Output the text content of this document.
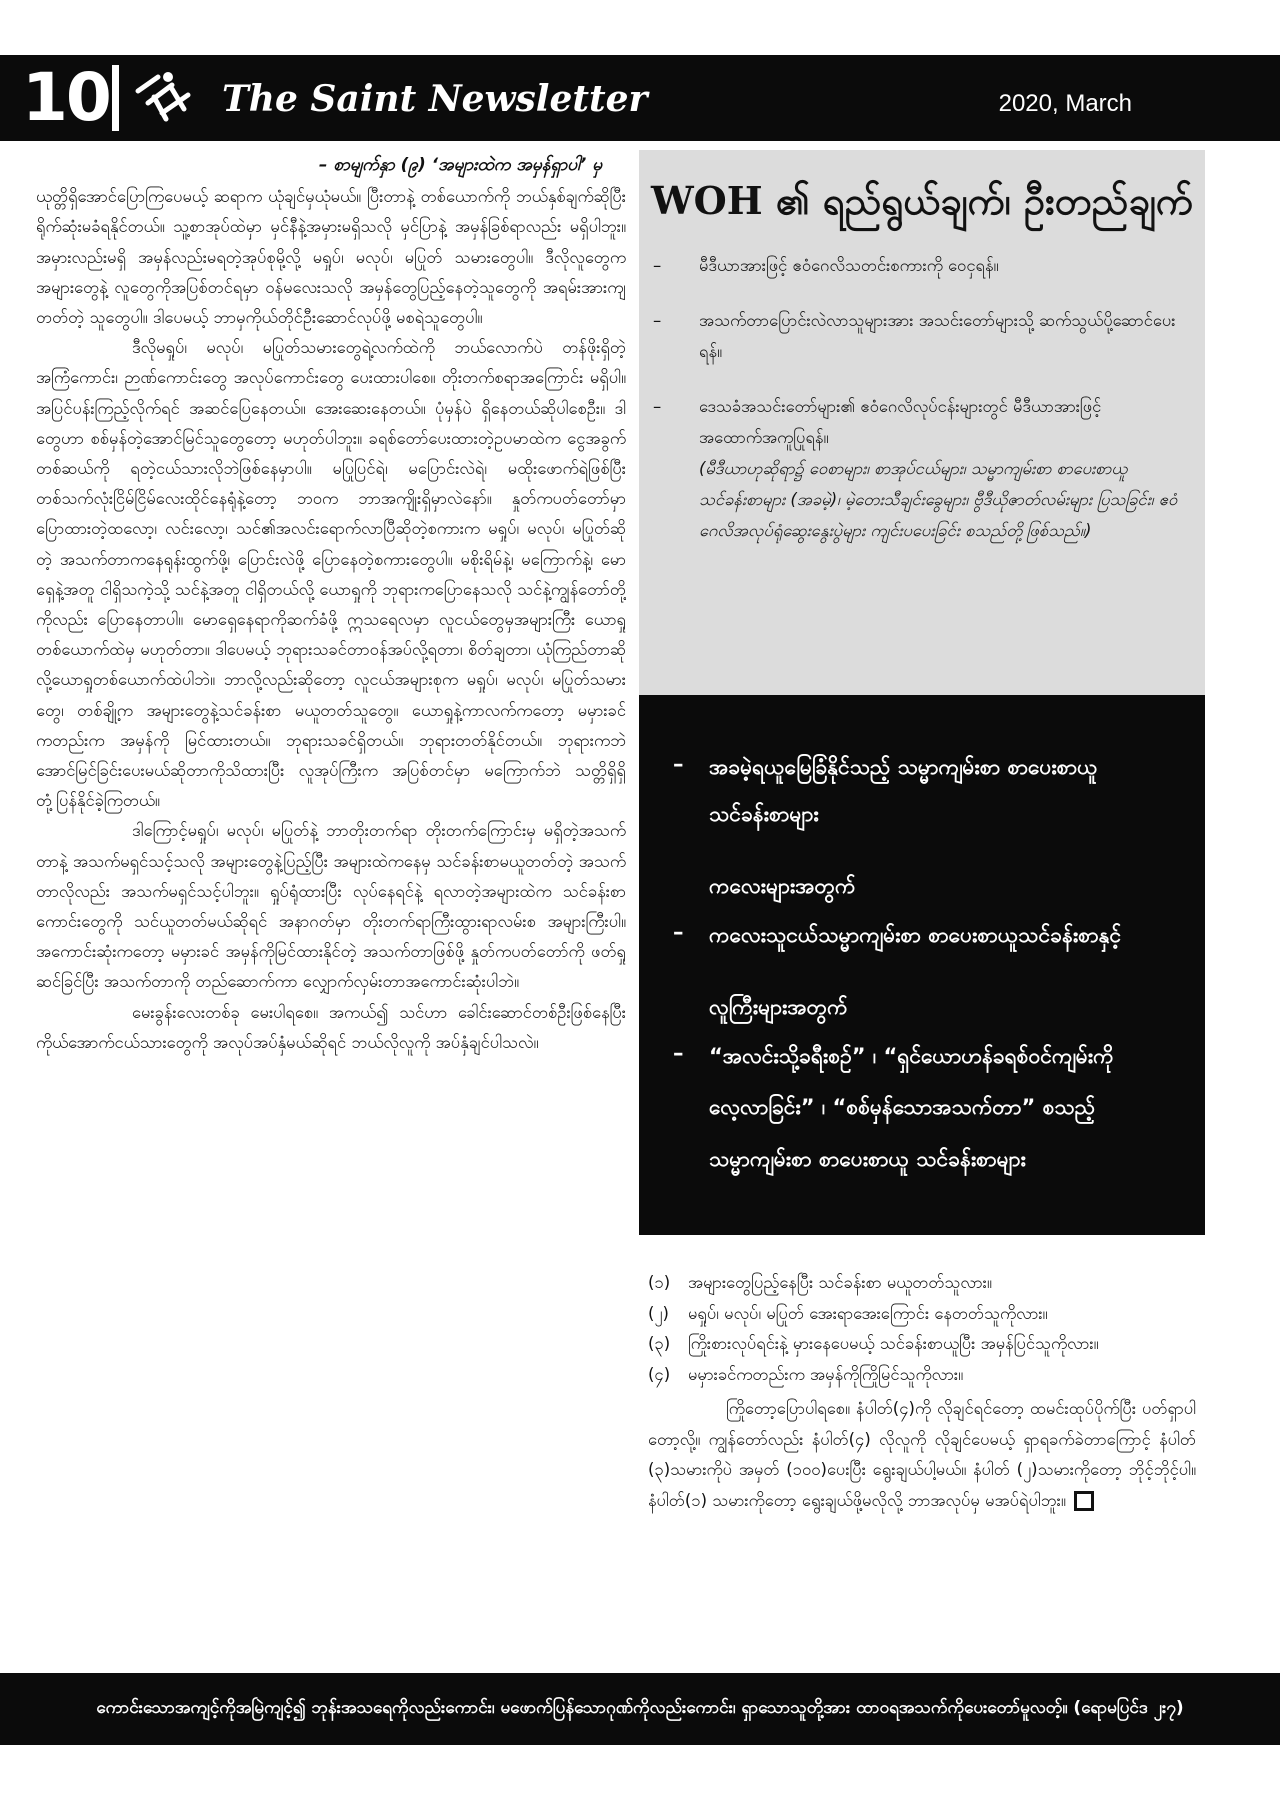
10	The Saint Newsletter	2020, March
– စာမျက်နှာ (၉) ‘အများထဲက အမှန်ရှာပါ’ မှ

ယုတ္တိရှိအောင်ပြောကြပေမယ့် ဆရာက ယုံချင်မှယုံမယ်။ ပြီးတာနဲ့ တစ်ယောက်ကို ဘယ်နှစ်ချက်ဆိုပြီး ရိုက်ဆုံးမခံရနိုင်တယ်။ သူ့စာအုပ်ထဲမှာ မှင်နီနဲ့အမှားမရှိသလို မှင်ပြာနဲ့ အမှန်ခြစ်ရာလည်း မရှိပါဘူး။ အမှားလည်းမရှိ အမှန်လည်းမရတဲ့အုပ်စုမို့လို့ မရှုပ်၊ မလုပ်၊ မပြုတ် သမားတွေပါ။ ဒီလိုလူတွေက အများတွေနဲ့ လူတွေကိုအပြစ်တင်ရမှာ ဝန်မလေးသလို အမှန်တွေပြည့်နေတဲ့သူတွေကို အရမ်းအားကျတတ်တဲ့ သူတွေပါ။ ဒါပေမယ့် ဘာမှကိုယ်တိုင်ဦးဆောင်လုပ်ဖို့ မစရဲသူတွေပါ။

ဒီလိုမရှုပ်၊ မလုပ်၊ မပြုတ်သမားတွေရဲ့လက်ထဲကို ဘယ်လောက်ပဲ တန်ဖိုးရှိတဲ့အကြံကောင်း၊ ဉာဏ်ကောင်းတွေ အလုပ်ကောင်းတွေ ပေးထားပါစေ။ တိုးတက်စရာအကြောင်း မရှိပါ။ အပြင်ပန်းကြည့်လိုက်ရင် အဆင်ပြေနေတယ်။ အေးဆေးနေတယ်။ ပုံမှန်ပဲ ရှိနေတယ်ဆိုပါစေဦး။ ဒါတွေဟာ စစ်မှန်တဲ့အောင်မြင်သူတွေတော့ မဟုတ်ပါဘူး။ ခရစ်တော်ပေးထားတဲ့ဥပမာထဲက ငွေအခွက်တစ်ဆယ်ကို ရတဲ့ငယ်သားလိုဘဲဖြစ်နေမှာပါ။ မပြုပြင်ရဲ၊ မပြောင်းလဲရဲ၊ မထိုးဖောက်ရဲဖြစ်ပြီး တစ်သက်လုံးငြိမ်ငြိမ်လေးထိုင်နေရုံနဲ့တော့ ဘဝက ဘာအကျိုးရှိမှာလဲနော်။ နှုတ်ကပတ်တော်မှာပြောထားတဲ့ထလော့၊ လင်းလော့၊ သင်၏အလင်းရောက်လာပြီဆိုတဲ့စကားက မရှုပ်၊ မလုပ်၊ မပြုတ်ဆိုတဲ့ အသက်တာကနေရုန်းထွက်ဖို့၊ ပြောင်းလဲဖို့ ပြောနေတဲ့စကားတွေပါ။ မစိုးရိမ်နဲ့၊ မကြောက်နဲ့၊ မောရှေနဲ့အတူ ငါရှိသကဲ့သို့ သင်နဲ့အတူ ငါရှိတယ်လို့ ယောရှုကို ဘုရားကပြောနေသလို သင်နဲ့ကျွန်တော်တို့ကိုလည်း ပြောနေတာပါ။ မောရှေနေရာကိုဆက်ခံဖို့ ဣသရေလမှာ လူငယ်တွေမှအများကြီး ယောရှုတစ်ယောက်ထဲမှ မဟုတ်တာ။ ဒါပေမယ့် ဘုရားသခင်တာဝန်အပ်လို့ရတာ၊ စိတ်ချတာ၊ ယုံကြည်တာဆိုလို့ယောရှုတစ်ယောက်ထဲပါဘဲ။ ဘာလို့လည်းဆိုတော့ လူငယ်အများစုက မရှုပ်၊ မလုပ်၊ မပြုတ်သမားတွေ၊ တစ်ချို့က အများတွေနဲ့သင်ခန်းစာ မယူတတ်သူတွေ။ ယောရှုနဲ့ကာလက်ကတော့ မမှားခင်ကတည်းက အမှန်ကို မြင်ထားတယ်။ ဘုရားသခင်ရှိတယ်။ ဘုရားတတ်နိုင်တယ်။ ဘုရားကဘဲ အောင်မြင်ခြင်းပေးမယ်ဆိုတာကိုသိထားပြီး လူအုပ်ကြီးက အပြစ်တင်မှာ မကြောက်ဘဲ သတ္တိရှိရှိတုံ့ပြန်နိုင်ခဲ့ကြတယ်။

ဒါကြောင့်မရှုပ်၊ မလုပ်၊ မပြုတ်နဲ့ ဘာတိုးတက်ရာ တိုးတက်ကြောင်းမှ မရှိတဲ့အသက်တာနဲ့ အသက်မရှင်သင့်သလို အများတွေနဲ့ပြည့်ပြီး အများထဲကနေမှ သင်ခန်းစာမယူတတ်တဲ့ အသက်တာလိုလည်း အသက်မရှင်သင့်ပါဘူး။ ရှုပ်ရုံထားပြီး လုပ်နေရင်နဲ့ ရလာတဲ့အများထဲက သင်ခန်းစာကောင်းတွေကို သင်ယူတတ်မယ်ဆိုရင် အနာဂတ်မှာ တိုးတက်ရာကြီးထွားရာလမ်းစ အများကြီးပါ။ အကောင်းဆုံးကတော့ မမှားခင် အမှန်ကိုမြင်ထားနိုင်တဲ့ အသက်တာဖြစ်ဖို့ နှုတ်ကပတ်တော်ကို ဖတ်ရှုဆင်ခြင်ပြီး အသက်တာကို တည်ဆောက်ကာ လျှောက်လှမ်းတာအကောင်းဆုံးပါဘဲ။

မေးခွန်းလေးတစ်ခု မေးပါရစေ။ အကယ်၍ သင်ဟာ ခေါင်းဆောင်တစ်ဦးဖြစ်နေပြီး ကိုယ်အောက်ငယ်သားတွေကို အလုပ်အပ်နှံမယ်ဆိုရင် ဘယ်လိုလူကို အပ်နှံချင်ပါသလဲ။

WOH ၏ ရည်ရွယ်ချက်၊ ဦးတည်ချက်
– မီဒီယာအားဖြင့် ဧဝံဂေလိသတင်းစကားကို ဝေငှရန်။
– အသက်တာပြောင်းလဲလာသူများအား အသင်းတော်များသို့ ဆက်သွယ်ပို့ဆောင်ပေးရန်။
– ဒေသခံအသင်းတော်များ၏ ဧဝံဂေလိလုပ်ငန်းများတွင် မီဒီယာအားဖြင့် အထောက်အကူပြုရန်။
(မီဒီယာဟုဆိုရာ၌ ဝေစာများ၊ စာအုပ်ငယ်များ၊ သမ္မာကျမ်းစာ စာပေးစာယူ သင်ခန်းစာများ (အခမဲ့)၊ မဲ့တေးသီချင်းခွေများ၊ ဗွီဒီယိုဇာတ်လမ်းများ ပြသခြင်း၊ ဧဝံဂေလိအလုပ်ရုံဆွေးနွေးပွဲများ ကျင်းပပေးခြင်း စသည်တို့ဖြစ်သည်။)
– အခမဲ့ရယူမြေခြံနိုင်သည့် သမ္မာကျမ်းစာ စာပေးစာယူ
သင်ခန်းစာများ
ကလေးများအတွက်
– ကလေးသူငယ်သမ္မာကျမ်းစာ စာပေးစာယူသင်ခန်းစာနှင့်
လူကြီးများအတွက်
– “အလင်းသို့ခရီးစဉ်” ၊ “ရှင်ယောဟန်ခရစ်ဝင်ကျမ်းကို
လေ့လာခြင်း” ၊ “စစ်မှန်သောအသက်တာ” စသည့်
သမ္မာကျမ်းစာ စာပေးစာယူ သင်ခန်းစာများ
(၁) အများတွေပြည့်နေပြီး သင်ခန်းစာ မယူတတ်သူလား။
(၂) မရှုပ်၊ မလုပ်၊ မပြုတ် အေးရာအေးကြောင်း နေတတ်သူကိုလား။
(၃) ကြိုးစားလုပ်ရင်းနဲ့ မှားနေပေမယ့် သင်ခန်းစာယူပြီး အမှန်ပြင်သူကိုလား။
(၄) မမှားခင်ကတည်းက အမှန်ကိုကြိုမြင်သူကိုလား။
ကြိုတော့ပြောပါရစေ။ နံပါတ်(၄)ကို လိုချင်ရင်တော့ ထမင်းထုပ်ပိုက်ပြီး ပတ်ရှာပါတော့လို့။ ကျွန်တော်လည်း နံပါတ်(၄) လိုလူကို လိုချင်ပေမယ့် ရှာရခက်ခဲတာကြောင့် နံပါတ် (၃)သမားကိုပဲ အမှတ် (၁၀၀)ပေးပြီး ရွေးချယ်ပါ့မယ်။ နံပါတ် (၂)သမားကိုတော့ ဘိုင့်ဘိုင့်ပါ။ နံပါတ်(၁) သမားကိုတော့ ရွေးချယ်ဖို့မလိုလို့ ဘာအလုပ်မှ မအပ်ရဲပါဘူး။
ကောင်းသောအကျင့်ကိုအမြဲကျင့်၍ ဘုန်းအသရေကိုလည်းကောင်း၊ မဖောက်ပြန်သောဂုဏ်ကိုလည်းကောင်း၊ ရှာသောသူတို့အား ထာဝရအသက်ကိုပေးတော်မူလတ့်။ (ရောမပြင်ဒ ၂း၇)
